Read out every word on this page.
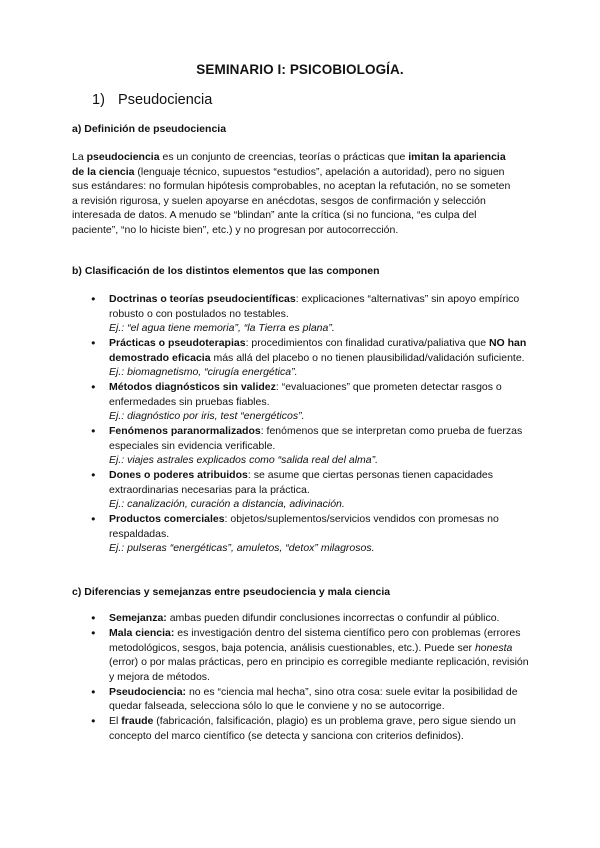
SEMINARIO I: PSICOBIOLOGÍA.
1) Pseudociencia
a) Definición de pseudociencia
La pseudociencia es un conjunto de creencias, teorías o prácticas que imitan la apariencia de la ciencia (lenguaje técnico, supuestos “estudios”, apelación a autoridad), pero no siguen sus estándares: no formulan hipótesis comprobables, no aceptan la refutación, no se someten a revisión rigurosa, y suelen apoyarse en anécdotas, sesgos de confirmación y selección interesada de datos. A menudo se “blindan” ante la crítica (si no funciona, “es culpa del paciente”, “no lo hiciste bien”, etc.) y no progresan por autocorrección.
b) Clasificación de los distintos elementos que las componen
● Doctrinas o teorías pseudocientíficas: explicaciones “alternativas” sin apoyo empírico robusto o con postulados no testables.
Ej.: “el agua tiene memoria”, “la Tierra es plana”.
● Prácticas o pseudoterapias: procedimientos con finalidad curativa/paliativa que NO han demostrado eficacia más allá del placebo o no tienen plausibilidad/validación suficiente.
Ej.: biomagnetismo, “cirugía energética”.
● Métodos diagnósticos sin validez: “evaluaciones” que prometen detectar rasgos o enfermedades sin pruebas fiables.
Ej.: diagnóstico por iris, test “energéticos”.
● Fenómenos paranormalizados: fenómenos que se interpretan como prueba de fuerzas especiales sin evidencia verificable.
Ej.: viajes astrales explicados como “salida real del alma”.
● Dones o poderes atribuidos: se asume que ciertas personas tienen capacidades extraordinarias necesarias para la práctica.
Ej.: canalización, curación a distancia, adivinación.
● Productos comerciales: objetos/suplementos/servicios vendidos con promesas no respaldadas.
Ej.: pulseras “energéticas”, amuletos, “detox” milagrosos.
c) Diferencias y semejanzas entre pseudociencia y mala ciencia
● Semejanza: ambas pueden difundir conclusiones incorrectas o confundir al público.
● Mala ciencia: es investigación dentro del sistema científico pero con problemas (errores metodológicos, sesgos, baja potencia, análisis cuestionables, etc.). Puede ser honesta (error) o por malas prácticas, pero en principio es corregible mediante replicación, revisión y mejora de métodos.
● Pseudociencia: no es “ciencia mal hecha”, sino otra cosa: suele evitar la posibilidad de quedar falseada, selecciona sólo lo que le conviene y no se autocorrige.
● El fraude (fabricación, falsificación, plagio) es un problema grave, pero sigue siendo un concepto del marco científico (se detecta y sanciona con criterios definidos).
